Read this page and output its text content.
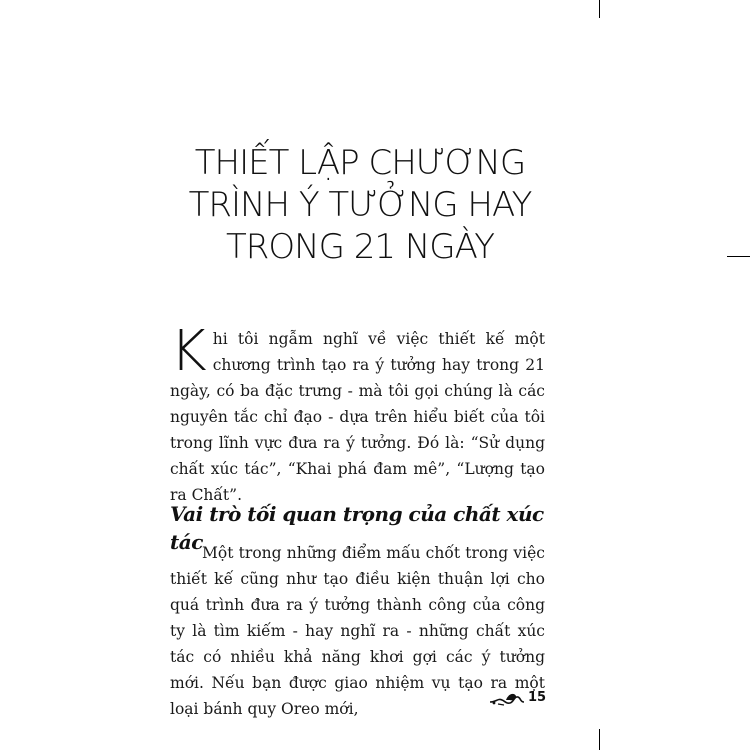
THIẾT LẬP CHƯƠNG
TRÌNH Ý TƯỞNG HAY
TRONG 21 NGÀY

Khi tôi ngẫm nghĩ về việc thiết kế một chương trình tạo ra ý tưởng hay trong 21 ngày, có ba đặc trưng - mà tôi gọi chúng là các nguyên tắc chỉ đạo - dựa trên hiểu biết của tôi trong lĩnh vực đưa ra ý tưởng. Đó là: “Sử dụng chất xúc tác”, “Khai phá đam mê”, “Lượng tạo ra Chất”.

Vai trò tối quan trọng của chất xúc tác Một trong những điểm mấu chốt trong việc thiết kế cũng như tạo điều kiện thuận lợi cho quá trình đưa ra ý tưởng thành công của công ty là tìm kiếm - hay nghĩ ra - những chất xúc tác có nhiều khả năng khơi gợi các ý tưởng mới. Nếu bạn được giao nhiệm vụ tạo ra một loại bánh quy Oreo mới,

15
